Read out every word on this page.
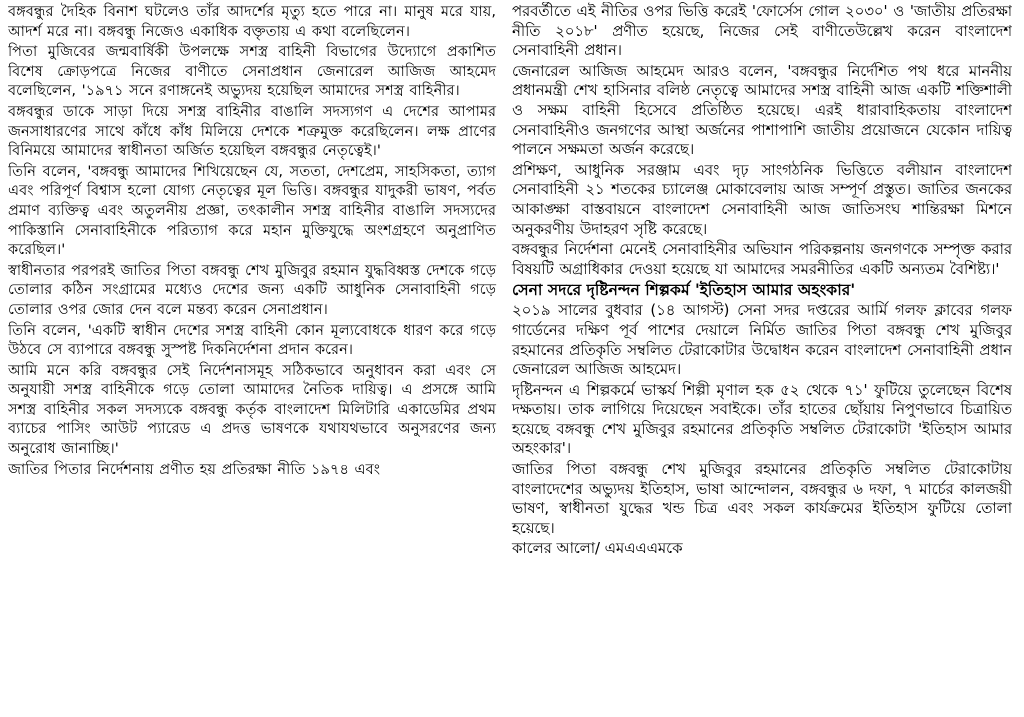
বঙ্গবন্ধুর দৈহিক বিনাশ ঘটলেও তাঁর আদর্শের মৃত্যু হতে পারে না। মানুষ মরে যায়, আদর্শ মরে না। বঙ্গবন্ধু নিজেও একাধিক বক্তৃতায় এ কথা বলেছিলেন।

পিতা মুজিবের জন্মবার্ষিকী উপলক্ষে সশস্ত্র বাহিনী বিভাগের উদ্যোগে প্রকাশিত বিশেষ ক্রোড়পত্রে নিজের বাণীতে সেনাপ্রধান জেনারেল আজিজ আহমেদ বলেছিলেন, '১৯৭১ সনে রণাঙ্গনেই অভ্যুদয় হয়েছিল আমাদের সশস্ত্র বাহিনীর।

বঙ্গবন্ধুর ডাকে সাড়া দিয়ে সশস্ত্র বাহিনীর বাঙালি সদস্যগণ এ দেশের আপামর জনসাধারণের সাথে কাঁধে কাঁধ মিলিয়ে দেশকে শত্রুমুক্ত করেছিলেন। লক্ষ প্রাণের বিনিময়ে আমাদের স্বাধীনতা অর্জিত হয়েছিল বঙ্গবন্ধুর নেতৃত্বেই।'

তিনি বলেন, 'বঙ্গবন্ধু আমাদের শিখিয়েছেন যে, সততা, দেশপ্রেম, সাহসিকতা, ত্যাগ এবং পরিপূর্ণ বিশ্বাস হলো যোগ্য নেতৃত্বের মূল ভিত্তি। বঙ্গবন্ধুর যাদুকরী ভাষণ, পর্বত প্রমাণ ব্যক্তিত্ব এবং অতুলনীয় প্রজ্ঞা, তৎকালীন সশস্ত্র বাহিনীর বাঙালি সদস্যদের পাকিস্তানি সেনাবাহিনীকে পরিত্যাগ করে মহান মুক্তিযুদ্ধে অংশগ্রহণে অনুপ্রাণিত করেছিল।'

স্বাধীনতার পরপরই জাতির পিতা বঙ্গবন্ধু শেখ মুজিবুর রহমান যুদ্ধবিধ্বস্ত দেশকে গড়ে তোলার কঠিন সংগ্রামের মধ্যেও দেশের জন্য একটি আধুনিক সেনাবাহিনী গড়ে তোলার ওপর জোর দেন বলে মন্তব্য করেন সেনাপ্রধান।

তিনি বলেন, 'একটি স্বাধীন দেশের সশস্ত্র বাহিনী কোন মূল্যবোধকে ধারণ করে গড়ে উঠবে সে ব্যাপারে বঙ্গবন্ধু সুস্পষ্ট দিকনির্দেশনা প্রদান করেন।

আমি মনে করি বঙ্গবন্ধুর সেই নির্দেশনাসমূহ সঠিকভাবে অনুধাবন করা এবং সে অনুযায়ী সশস্ত্র বাহিনীকে গড়ে তোলা আমাদের নৈতিক দায়িত্ব। এ প্রসঙ্গে আমি সশস্ত্র বাহিনীর সকল সদস্যকে বঙ্গবন্ধু কর্তৃক বাংলাদেশ মিলিটারি একাডেমির প্রথম ব্যাচের পাসিং আউট প্যারেড এ প্রদত্ত ভাষণকে যথাযথভাবে অনুসরণের জন্য অনুরোধ জানাচ্ছি।'

জাতির পিতার নির্দেশনায় প্রণীত হয় প্রতিরক্ষা নীতি ১৯৭৪ এবং

পরবর্তীতে এই নীতির ওপর ভিত্তি করেই 'ফোর্সেস গোল ২০৩০' ও 'জাতীয় প্রতিরক্ষা নীতি ২০১৮' প্রণীত হয়েছে, নিজের সেই বাণীতেউল্লেখ করেন বাংলাদেশ সেনাবাহিনী প্রধান।

জেনারেল আজিজ আহমেদ আরও বলেন, 'বঙ্গবন্ধুর নির্দেশিত পথ ধরে মাননীয় প্রধানমন্ত্রী শেখ হাসিনার বলিষ্ঠ নেতৃত্বে আমাদের সশস্ত্র বাহিনী আজ একটি শক্তিশালী ও সক্ষম বাহিনী হিসেবে প্রতিষ্ঠিত হয়েছে। এরই ধারাবাহিকতায় বাংলাদেশ সেনাবাহিনীও জনগণের আস্থা অর্জনের পাশাপাশি জাতীয় প্রয়োজনে যেকোন দায়িত্ব পালনে সক্ষমতা অর্জন করেছে।

প্রশিক্ষণ, আধুনিক সরঞ্জাম এবং দৃঢ় সাংগঠনিক ভিত্তিতে বলীয়ান বাংলাদেশ সেনাবাহিনী ২১ শতকের চ্যালেঞ্জ মোকাবেলায় আজ সম্পূর্ণ প্রস্তুত। জাতির জনকের আকাঙ্ক্ষা বাস্তবায়নে বাংলাদেশ সেনাবাহিনী আজ জাতিসংঘ শান্তিরক্ষা মিশনে অনুকরণীয় উদাহরণ সৃষ্টি করেছে।

বঙ্গবন্ধুর নির্দেশনা মেনেই সেনাবাহিনীর অভিযান পরিকল্পনায় জনগণকে সম্পৃক্ত করার বিষয়টি অগ্রাধিকার দেওয়া হয়েছে যা আমাদের সমরনীতির একটি অন্যতম বৈশিষ্ট্য।'

সেনা সদরে দৃষ্টিনন্দন শিল্পকর্ম 'ইতিহাস আমার অহংকার'

২০১৯ সালের বুধবার (১৪ আগস্ট) সেনা সদর দপ্তরের আর্মি গলফ ক্লাবের গলফ গার্ডেনের দক্ষিণ পূর্ব পাশের দেয়ালে নির্মিত জাতির পিতা বঙ্গবন্ধু শেখ মুজিবুর রহমানের প্রতিকৃতি সম্বলিত টেরাকোটার উদ্বোধন করেন বাংলাদেশ সেনাবাহিনী প্রধান জেনারেল আজিজ আহমেদ।

দৃষ্টিনন্দন এ শিল্পকর্মে ভাস্কর্য শিল্পী মৃণাল হক ৫২ থেকে ৭১' ফুটিয়ে তুলেছেন বিশেষ দক্ষতায়। তাক লাগিয়ে দিয়েছেন সবাইকে। তাঁর হাতের ছোঁয়ায় নিপুণভাবে চিত্রায়িত হয়েছে বঙ্গবন্ধু শেখ মুজিবুর রহমানের প্রতিকৃতি সম্বলিত টেরাকোটা 'ইতিহাস আমার অহংকার'।

জাতির পিতা বঙ্গবন্ধু শেখ মুজিবুর রহমানের প্রতিকৃতি সম্বলিত টেরাকোটায় বাংলাদেশের অভ্যুদয় ইতিহাস, ভাষা আন্দোলন, বঙ্গবন্ধুর ৬ দফা, ৭ মার্চের কালজয়ী ভাষণ, স্বাধীনতা যুদ্ধের খন্ড চিত্র এবং সকল কার্যক্রমের ইতিহাস ফুটিয়ে তোলা হয়েছে।

কালের আলো/ এমএএএমকে
